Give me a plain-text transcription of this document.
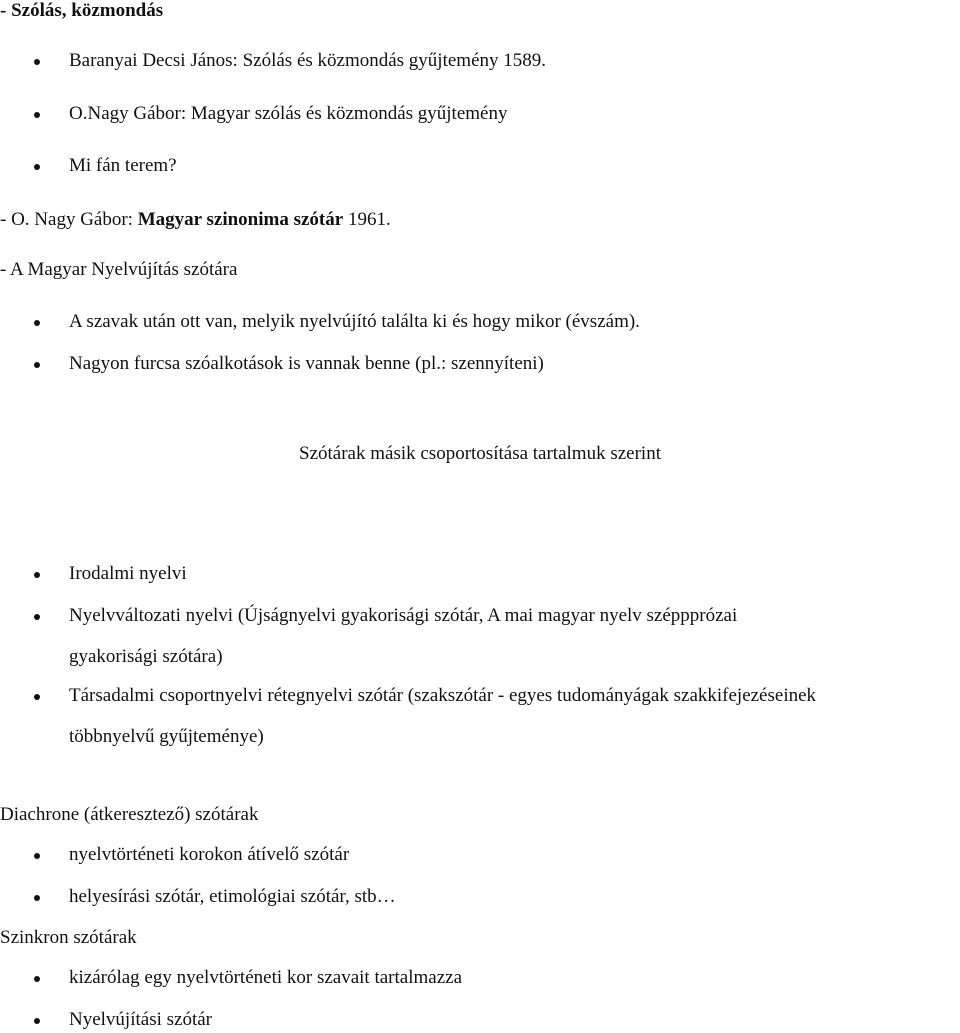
- Szólás, közmondás
Baranyai Decsi János: Szólás és közmondás gyűjtemény 1589.
O.Nagy Gábor: Magyar szólás és közmondás gyűjtemény
Mi fán terem?
- O. Nagy Gábor: Magyar szinonima szótár 1961.
- A Magyar Nyelvújítás szótára
A szavak után ott van, melyik nyelvújító találta ki és hogy mikor (évszám).
Nagyon furcsa szóalkotások is vannak benne (pl.: szennyíteni)
Szótárak másik csoportosítása tartalmuk szerint
Irodalmi nyelvi
Nyelvváltozati nyelvi (Újságnyelvi gyakorisági szótár, A mai magyar nyelv széppprózai
gyakorisági szótára)
Társadalmi csoportnyelvi rétegnyelvi szótár (szakszótár - egyes tudományágak szakkifejezéseinek
többnyelvű gyűjteménye)
Diachrone (átkeresztező) szótárak
nyelvtörténeti korokon átívelő szótár
helyesírási szótár, etimológiai szótár, stb…
Szinkron szótárak
kizárólag egy nyelvtörténeti kor szavait tartalmazza
Nyelvújítási szótár
